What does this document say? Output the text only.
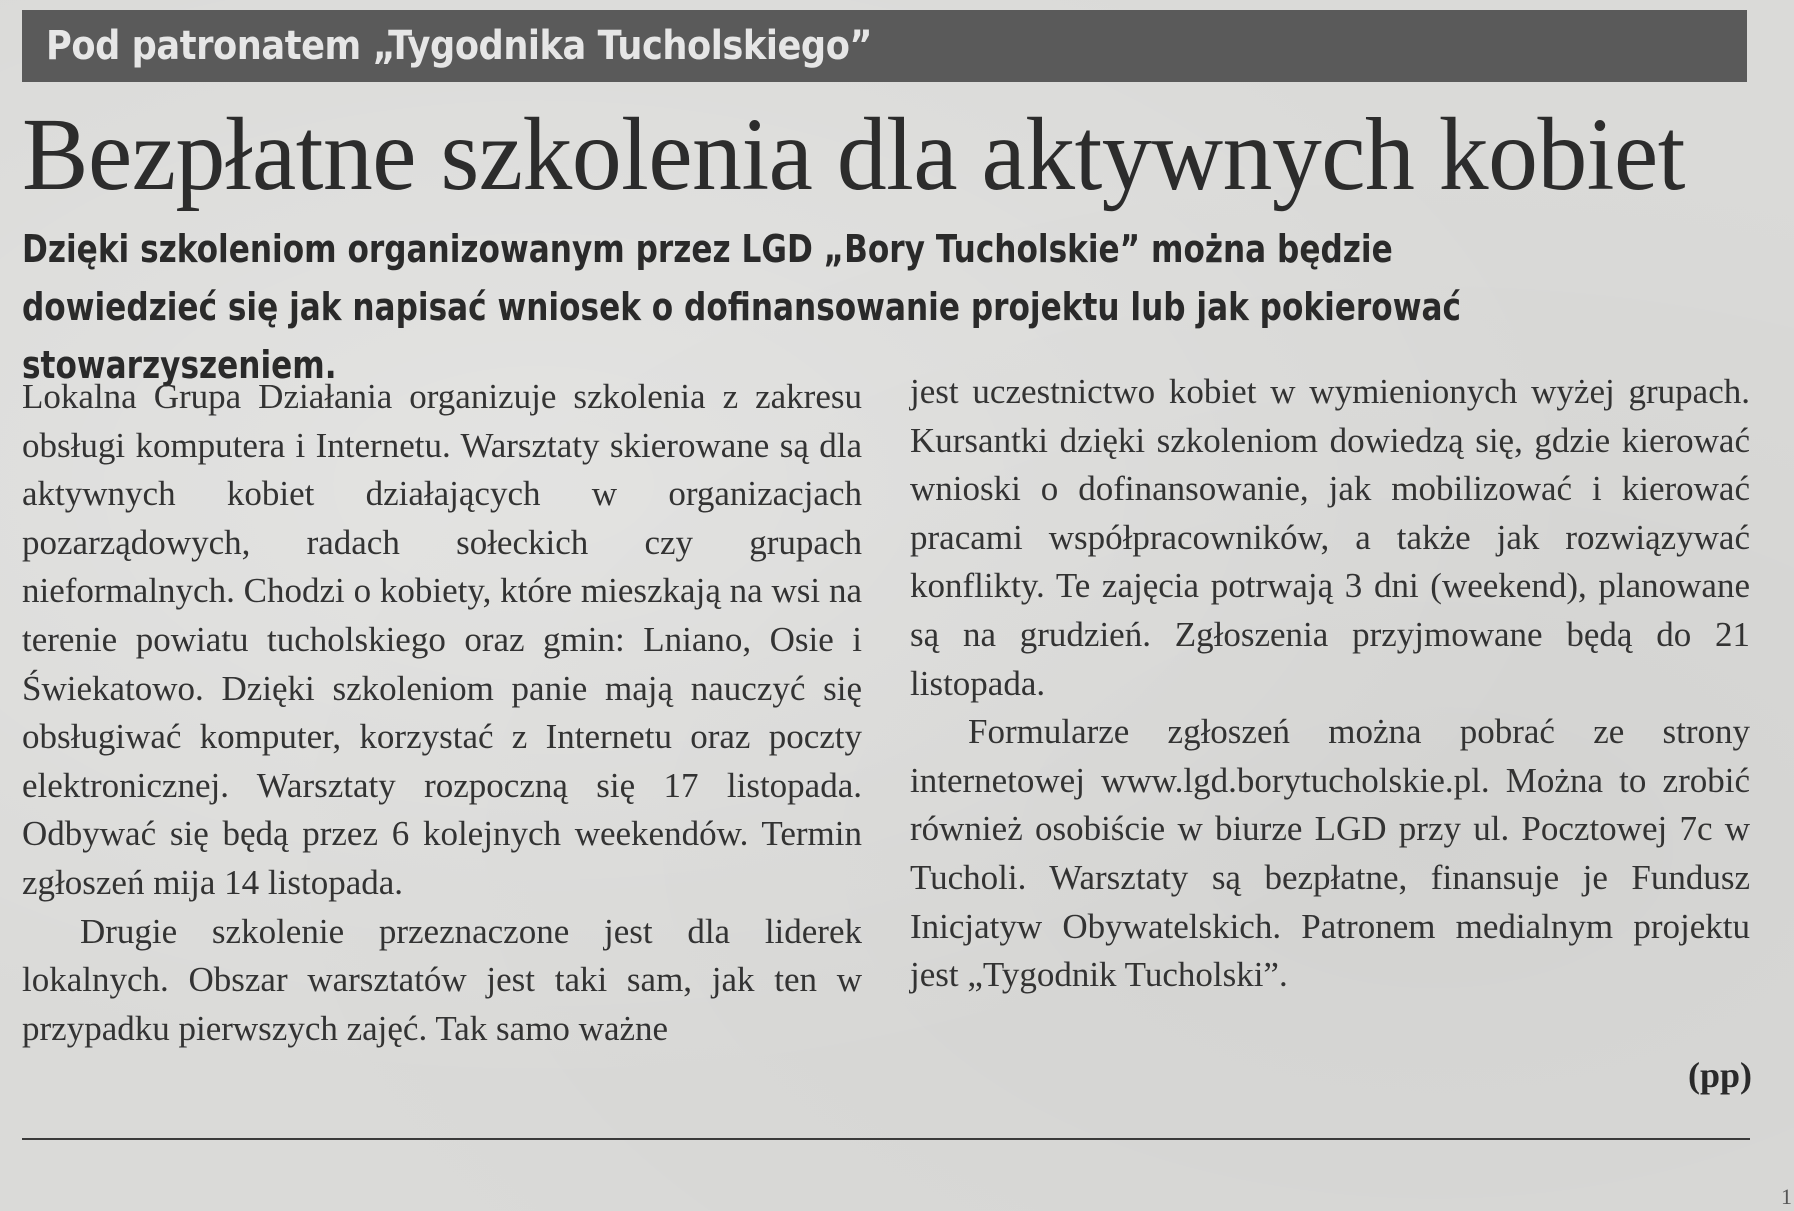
Pod patronatem „Tygodnika Tucholskiego”
Bezpłatne szkolenia dla aktywnych kobiet

Dzięki szkoleniom organizowanym przez LGD „Bory Tucholskie” można będzie dowiedzieć się jak napisać wniosek o dofinansowanie projektu lub jak pokierować stowarzyszeniem.

Lokalna Grupa Działania organizuje szkolenia z zakresu obsługi komputera i Internetu. Warsztaty skierowane są dla aktywnych kobiet działających w organizacjach pozarządowych, radach sołeckich czy grupach nieformalnych. Chodzi o kobiety, które mieszkają na wsi na terenie powiatu tucholskiego oraz gmin: Lniano, Osie i Świekatowo. Dzięki szkoleniom panie mają nauczyć się obsługiwać komputer, korzystać z Internetu oraz poczty elektronicznej. Warsztaty rozpoczną się 17 listopada. Odbywać się będą przez 6 kolejnych weekendów. Termin zgłoszeń mija 14 listopada.

Drugie szkolenie przeznaczone jest dla liderek lokalnych. Obszar warsztatów jest taki sam, jak ten w przypadku pierwszych zajęć. Tak samo ważne

jest uczestnictwo kobiet w wymienionych wyżej grupach. Kursantki dzięki szkoleniom dowiedzą się, gdzie kierować wnioski o dofinansowanie, jak mobilizować i kierować pracami współpracowników, a także jak rozwiązywać konflikty. Te zajęcia potrwają 3 dni (weekend), planowane są na grudzień. Zgłoszenia przyjmowane będą do 21 listopada.

Formularze zgłoszeń można pobrać ze strony internetowej www.lgd.borytucholskie.pl. Można to zrobić również osobiście w biurze LGD przy ul. Pocztowej 7c w Tucholi. Warsztaty są bezpłatne, finansuje je Fundusz Inicjatyw Obywatelskich. Patronem medialnym projektu jest „Tygodnik Tucholski”.

(pp)
1
